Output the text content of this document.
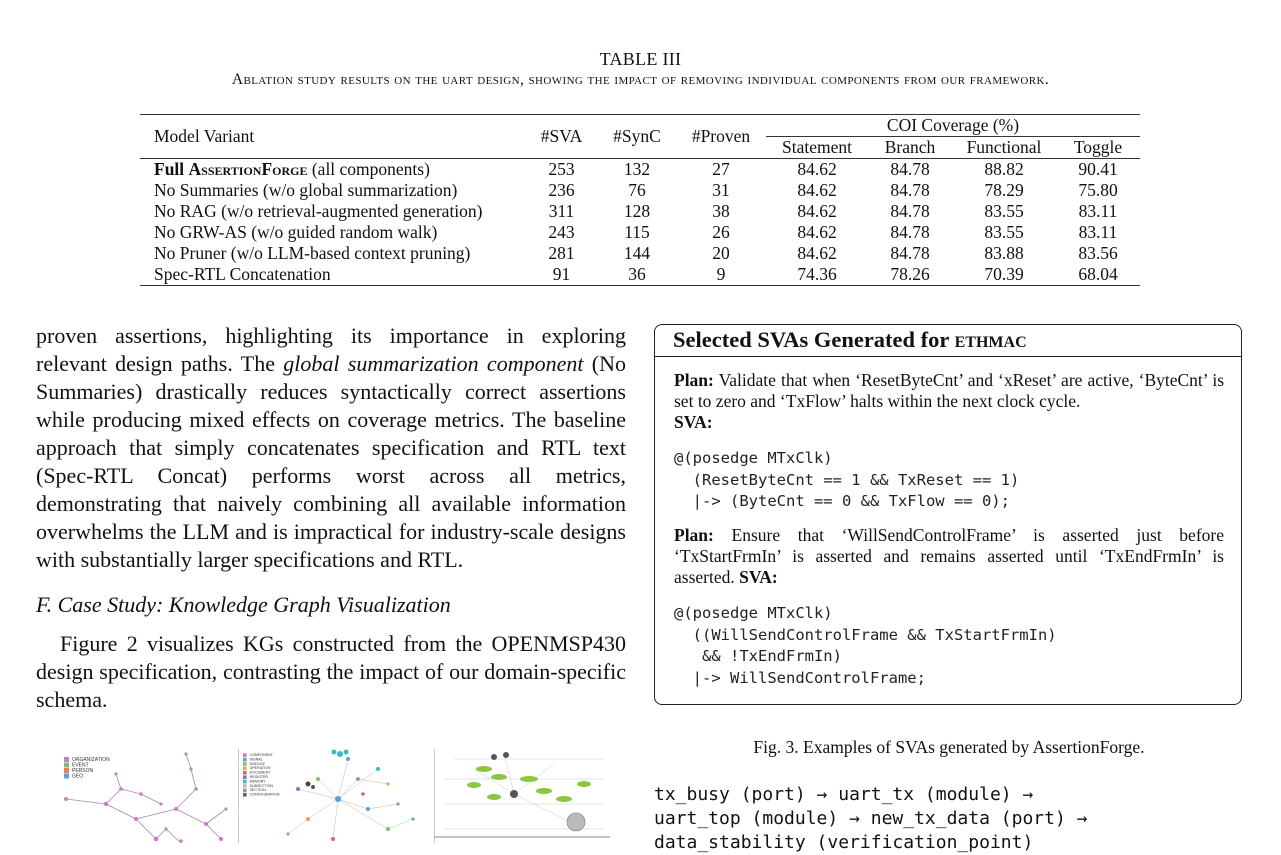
TABLE III
Ablation study results on the uart design, showing the impact of removing individual components from our framework.
Model Variant	#SVA	#SynC	#Proven	COI Coverage (%)			
				Statement	Branch	Functional	Toggle
Full AssertionForge (all components)	253	132	27	84.62	84.78	88.82	90.41
No Summaries (w/o global summarization)	236	76	31	84.62	84.78	78.29	75.80
No RAG (w/o retrieval-augmented generation)	311	128	38	84.62	84.78	83.55	83.11
No GRW-AS (w/o guided random walk)	243	115	26	84.62	84.78	83.55	83.11
No Pruner (w/o LLM-based context pruning)	281	144	20	84.62	84.78	83.88	83.56
Spec-RTL Concatenation	91	36	9	74.36	78.26	70.39	68.04

proven assertions, highlighting its importance in exploring relevant design paths. The global summarization component (No Summaries) drastically reduces syntactically correct assertions while producing mixed effects on coverage metrics. The baseline approach that simply concatenates specification and RTL text (Spec-RTL Concat) performs worst across all metrics, demonstrating that naively combining all available information overwhelms the LLM and is impractical for industry-scale designs with substantially larger specifications and RTL.

F. Case Study: Knowledge Graph Visualization
Figure 2 visualizes KGs constructed from the OPENMSP430 design specification, contrasting the impact of our domain-specific schema.
ORGANIZATION
EVENT
PERSON
GEO
COMPONENT
SIGNAL
MODULE
OPERATION
DOCUMENT
REGISTER
MEMORY
SUBSECTION
SECTION
CONFIGURATION
Selected SVAs Generated for ethmac
Plan: Validate that when ‘ResetByteCnt’ and ‘xReset’ are active, ‘ByteCnt’ is set to zero and ‘TxFlow’ halts within the next clock cycle.
SVA:
@(posedge MTxClk)
(ResetByteCnt == 1 && TxReset == 1)
|-> (ByteCnt == 0 && TxFlow == 0);
Plan: Ensure that ‘WillSendControlFrame’ is asserted just before ‘TxStartFrmIn’ is asserted and remains asserted until ‘TxEndFrmIn’ is asserted. SVA:
@(posedge MTxClk)
((WillSendControlFrame && TxStartFrmIn)
&& !TxEndFrmIn)
|-> WillSendControlFrame;
Fig. 3. Examples of SVAs generated by AssertionForge.
tx_busy (port) → uart_tx (module) →
uart_top (module) → new_tx_data (port) →
data_stability (verification_point)
